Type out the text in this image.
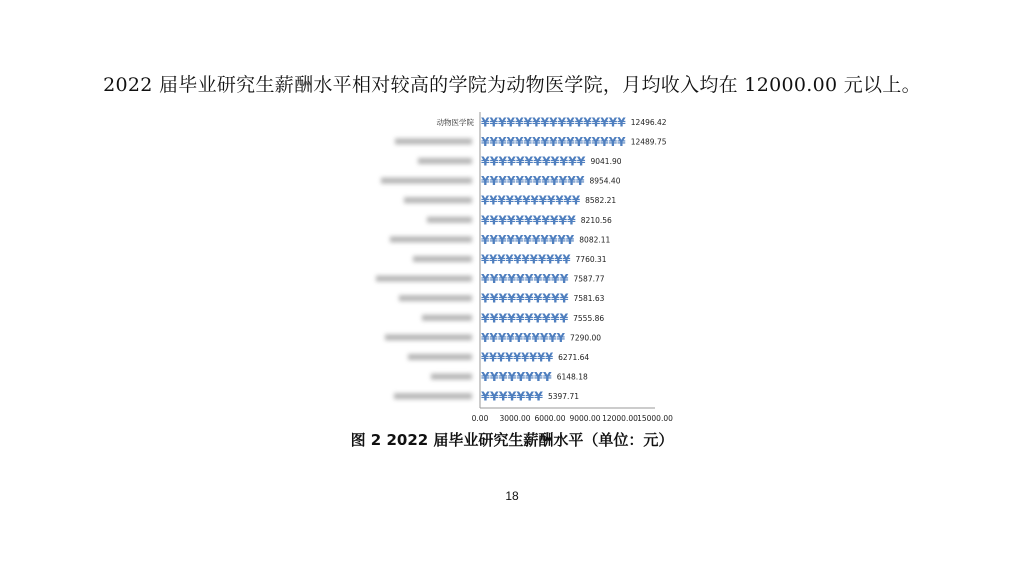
2022 届毕业研究生薪酬水平相对较高的学院为动物医学院，月均收入均在 12000.00 元以上。
动物医学院 ¥¥¥¥¥¥¥¥¥¥¥¥¥¥¥¥¥ 12496.42
¥¥¥¥¥¥¥¥¥¥¥¥¥¥¥¥¥ 12489.75
¥¥¥¥¥¥¥¥¥¥¥¥ 9041.90
¥¥¥¥¥¥¥¥¥¥¥¥ 8954.40
¥¥¥¥¥¥¥¥¥¥¥¥ 8582.21
¥¥¥¥¥¥¥¥¥¥¥ 8210.56
¥¥¥¥¥¥¥¥¥¥¥ 8082.11
¥¥¥¥¥¥¥¥¥¥¥ 7760.31
¥¥¥¥¥¥¥¥¥¥ 7587.77
¥¥¥¥¥¥¥¥¥¥ 7581.63
¥¥¥¥¥¥¥¥¥¥ 7555.86
¥¥¥¥¥¥¥¥¥¥ 7290.00
¥¥¥¥¥¥¥¥¥ 6271.64
¥¥¥¥¥¥¥¥ 6148.18
¥¥¥¥¥¥¥ 5397.71
0.00 3000.00 6000.00 9000.00 12000.00 15000.00
图 2 2022 届毕业研究生薪酬水平（单位：元）
18
